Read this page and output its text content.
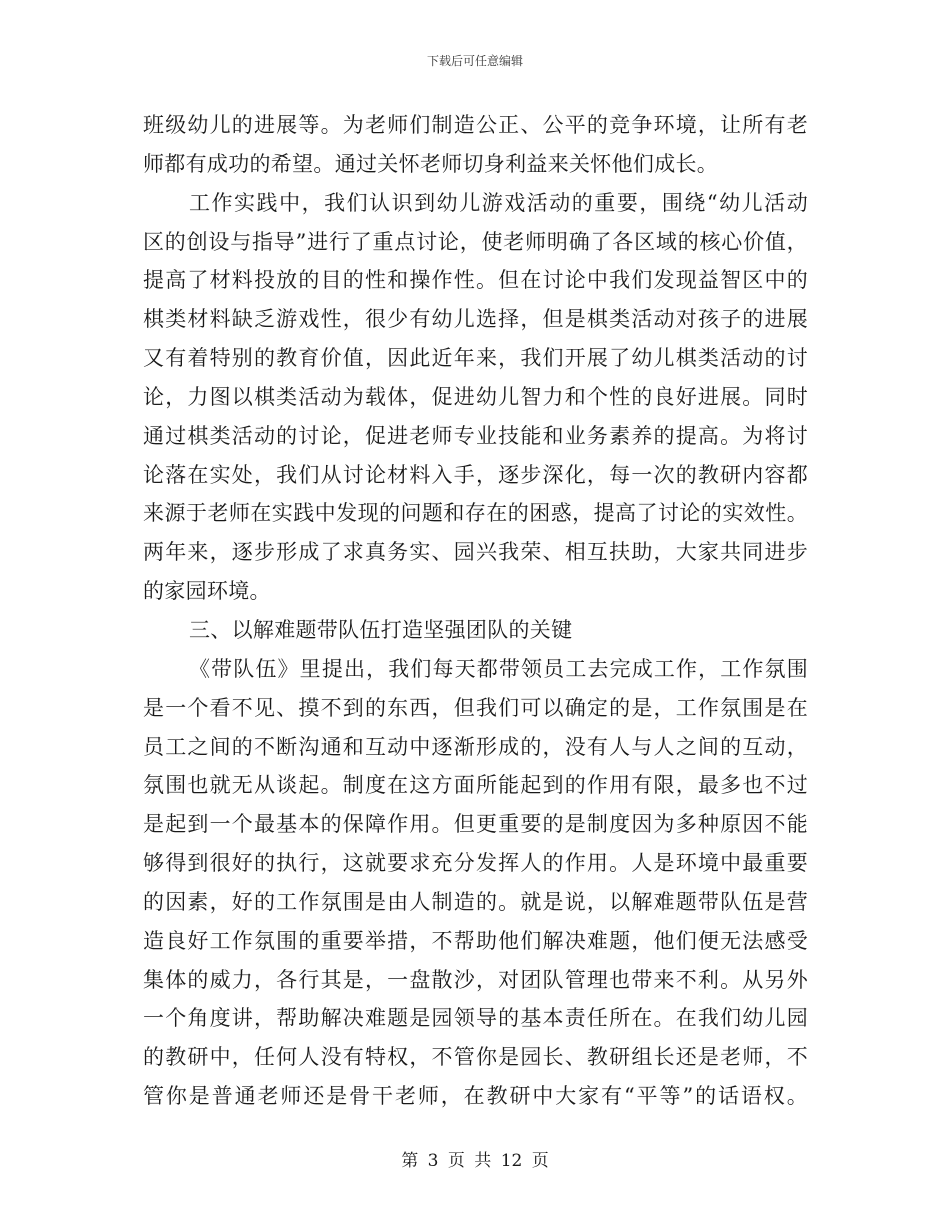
下载后可任意编辑
班级幼儿的进展等。为老师们制造公正、公平的竞争环境，让所有老
师都有成功的希望。通过关怀老师切身利益来关怀他们成长。
工作实践中，我们认识到幼儿游戏活动的重要，围绕“幼儿活动
区的创设与指导”进行了重点讨论，使老师明确了各区域的核心价值，
提高了材料投放的目的性和操作性。但在讨论中我们发现益智区中的
棋类材料缺乏游戏性，很少有幼儿选择，但是棋类活动对孩子的进展
又有着特别的教育价值，因此近年来，我们开展了幼儿棋类活动的讨
论，力图以棋类活动为载体，促进幼儿智力和个性的良好进展。同时
通过棋类活动的讨论，促进老师专业技能和业务素养的提高。为将讨
论落在实处，我们从讨论材料入手，逐步深化，每一次的教研内容都
来源于老师在实践中发现的问题和存在的困惑，提高了讨论的实效性。
两年来，逐步形成了求真务实、园兴我荣、相互扶助，大家共同进步
的家园环境。
三、以解难题带队伍打造坚强团队的关键
《带队伍》里提出，我们每天都带领员工去完成工作，工作氛围
是一个看不见、摸不到的东西，但我们可以确定的是，工作氛围是在
员工之间的不断沟通和互动中逐渐形成的，没有人与人之间的互动，
氛围也就无从谈起。制度在这方面所能起到的作用有限，最多也不过
是起到一个最基本的保障作用。但更重要的是制度因为多种原因不能
够得到很好的执行，这就要求充分发挥人的作用。人是环境中最重要
的因素，好的工作氛围是由人制造的。就是说，以解难题带队伍是营
造良好工作氛围的重要举措，不帮助他们解决难题，他们便无法感受
集体的威力，各行其是，一盘散沙，对团队管理也带来不利。从另外
一个角度讲，帮助解决难题是园领导的基本责任所在。在我们幼儿园
的教研中，任何人没有特权，不管你是园长、教研组长还是老师，不
管你是普通老师还是骨干老师，在教研中大家有“平等”的话语权。
第 3 页 共 12 页
